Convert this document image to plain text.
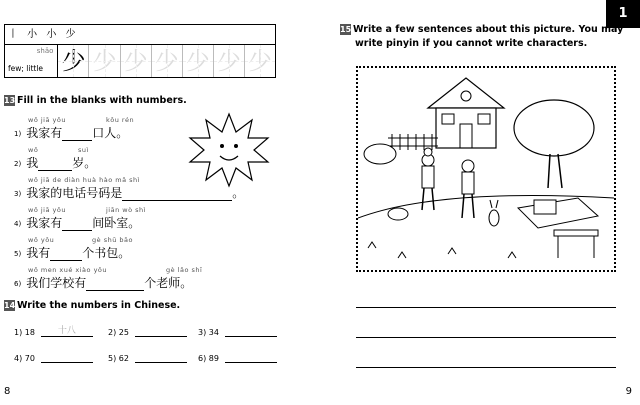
丨 小 小 少
shǎo
few; little 少 少 少 少 少 少 少
13 Fill in the blanks with numbers.
wǒ jiā yǒu	kǒu rén
1) 我家有	口人。
wǒ	suì
2) 我	岁。
wǒ jiā de diàn huà hào mǎ shì
3) 我家的电话号码是	。
wǒ jiā yǒu	jiān wò shì
4) 我家有	间卧室。
wǒ yǒu	gè shū bāo
5) 我有	个书包。
wǒ men xué xiào yǒu	gè lǎo shī
6) 我们学校有	个老师。
14 Write the numbers in Chinese.
1) 18	十八	2) 25	3) 34
4) 70	5) 62	6) 89
8
1
15 Write a few sentences about this picture. You may
write pinyin if you cannot write characters.
9
